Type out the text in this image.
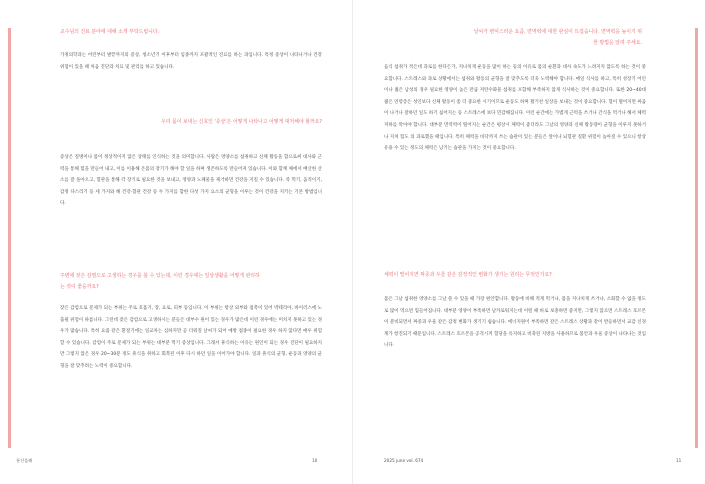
교수님의 진료 분야에 대해 소개 부탁드립니다.

가정의학과는 어린부터 발끝까지의 증상, 청소년기 이후부터 임종까지 포괄적인 진료를 하는 과입니다. 특정 증상이 나타나거나 건강 위험이 있을 때 처음 진단과 치료 및 관리를 하고 있습니다.

우리 몸이 보내는 신호인 '증상'은 어떻게 나타나고 어떻게 대처해야 할까요?

증상은 질병이나 몸이 정상적이지 않은 상태를 인식하는 것을 의미합니다. 사람은 영양소를 섭취하고 신체 활동을 함으로써 대사와 근력을 통해 힘을 만들어 내고, 이를 이용해 온몸의 장기가 해야 할 일을 하며 생존하도록 만들어져 있습니다. 이와 함께 체에서 배산한 산소를 잘 돌아오고, 혈관을 통해 각 장기로 필요한 것을 보내고, 영양과 노폐물을 제거하면 건강을 지킬 수 있습니다. 즉 먹기, 움직이기, 감정 다스리기 등 세 가지와 해 건강·혈관 건강 등 두 가지를 합한 다섯 가지 요소의 균형을 이루는 것이 건강을 지키는 기본 방법입니다.

주변에 잦은 감염으로 고생하는 경우를 볼 수 있는데, 이런 경우에는 일상생활을 어떻게 관리하는 것이 좋을까요?

잦은 감염으로 문제가 되는 부위는 주로 호흡기, 장, 요로, 피부 등입니다. 이 부위는 항상 외부와 접촉이 있어 박테리아, 바이러스에 노출될 위험이 따릅니다. 그런데 잦은 감염으로 고생하시는 분들은 대부수 원이 있는 경우가 많은데 이런 경우에는 미치지 못하고 있는 경우가 많습니다. 특히 요즘 같은 환절기에는 일교차는 심하지만 곧 더워질 날씨가 되어 예방 접종이 필요한 경우 하지 않다면 매우 위험할 수 있습니다. 감염이 주로 문제가 되는 부위는 대부분 먹기 증상입니다. 그래서 휴식하는 이유는 원인이 되는 경우 진단이 필요하지만 그렇지 않은 경우 20~30분 정도 휴식을 취하고 회복된 이후 다시 하던 일을 이어가야 합니다. 일과 휴식의 균형, 운동과 영양의 균형을 잘 맞추려는 노력이 중요합니다.

날씨가 변덕스러운 요즘, 면역력에 대한 관심이 뜨겁습니다. 면역력을 높이기 위한 방법을 알려 주세요.

음식 섭취가 적은데 과로를 한다든가, 지나치게 운동을 많이 하는 등의 이유로 몸의 순환과 대사 속도가 느려지지 않도록 하는 것이 중요합니다. 스트레스와 과로 상황에서는 섭취와 활동의 균형을 잘 맞추도록 더욱 노력해야 합니다. 매일 식사를 하고, 특히 성장기 어린이나 젊은 남성의 경우 필요한 영양이 높은 만큼 저탄수화물 섭취를 포함해 부족하지 않게 식사하는 것이 중요합니다. 또한 20~40대 젊은 연령층은 성인보다 신체 활동이 좀 더 중요한 시기이므로 운동도 하며 활기찬 일상을 보내는 것이 중요합니다. 혈이 떨어지면 싸움이 나거나 잘하던 일도 하기 싫어지는 등 스트레스에 보다 민감해집니다. 이런 순간에는 가볍게 근력을 쓰거나 간식을 먹거나 해서 체력 저하를 막아야 합니다. 대부분 면역력이 떨어지는 순간은 평상시 체력이 좋더라도 그날의 영양과 신체 활동량이 균형을 이루지 못하거나 지쳐 힘도 의 과로했을 때입니다. 특히 체력을 바닥까지 쓰는 습관이 있는 분들은 앞이나 뇌혈관 질환 위험이 높아질 수 있으니 항상 유용 수 있는 정도의 체력은 남기는 습관을 가지는 것이 중요합니다.

체력이 떨어지면 짜증과 우울 같은 감정적인 변화가 생기는 원리는 무엇인가요?

몸은 그날 섭취한 영양소를 그날 쓸 수 있을 때 가장 편안합니다. 활동에 비해 적게 먹거나, 몸을 지나치게 쓰거나, 소화할 수 없을 정도로 많이 먹으면 힘들어집니다. 대부분 영양이 부족하면 날카로워지는데 이럴 때 바로 보충하면 좋지만, 그렇지 않으면 스트레스 호르몬이 분비되면서 짜증과 우울 같은 감정 변화가 생기기 쉽습니다. 에너지원이 부족하면 같은 스트레스 상황과 같이 반응하면서 교감 신경계가 항진되기 때문입니다. 스트레스 호르몬을 공격시켜 혈당을 유지하고 비축된 지방을 사용하므로 불안과 우울 증상이 나타나는 것입니다.

통건을해	10	2025 june vol. 674	11
